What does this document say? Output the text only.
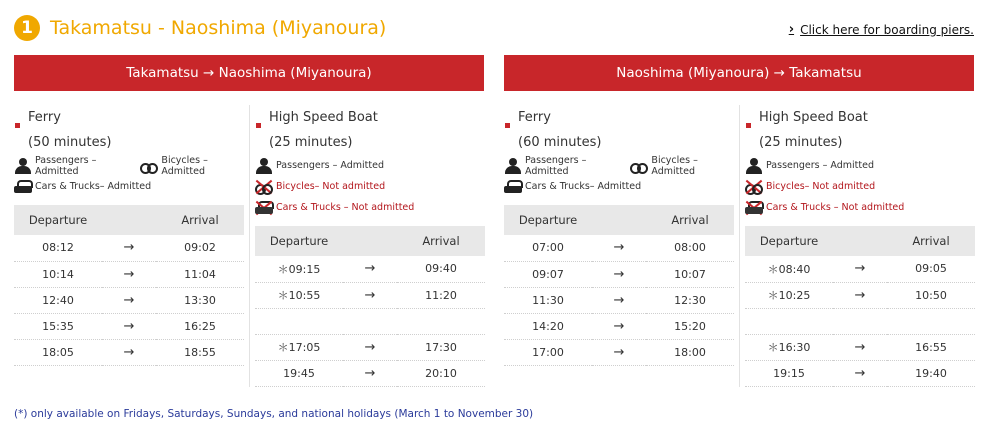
1 Takamatsu - Naoshima (Miyanoura)	› Click here for boarding piers.
Takamatsu → Naoshima (Miyanoura)
Ferry
(50 minutes)
Passengers – Admitted
Bicycles – Admitted
Cars & Trucks– Admitted
Departure		Arrival
08:12	→	09:02
10:14	→	11:04
12:40	→	13:30
15:35	→	16:25
18:05	→	18:55
High Speed Boat
(25 minutes)
Passengers – Admitted
Bicycles– Not admitted
Cars & Trucks – Not admitted
Departure		Arrival
＊09:15	→	09:40
＊10:55	→	11:20

＊17:05	→	17:30
19:45	→	20:10
Naoshima (Miyanoura) → Takamatsu
Ferry
(60 minutes)
Passengers – Admitted
Bicycles – Admitted
Cars & Trucks– Admitted
Departure		Arrival
07:00	→	08:00
09:07	→	10:07
11:30	→	12:30
14:20	→	15:20
17:00	→	18:00
High Speed Boat
(25 minutes)
Passengers – Admitted
Bicycles– Not admitted
Cars & Trucks – Not admitted
Departure		Arrival
＊08:40	→	09:05
＊10:25	→	10:50

＊16:30	→	16:55
19:15	→	19:40
(*) only available on Fridays, Saturdays, Sundays, and national holidays (March 1 to November 30)
